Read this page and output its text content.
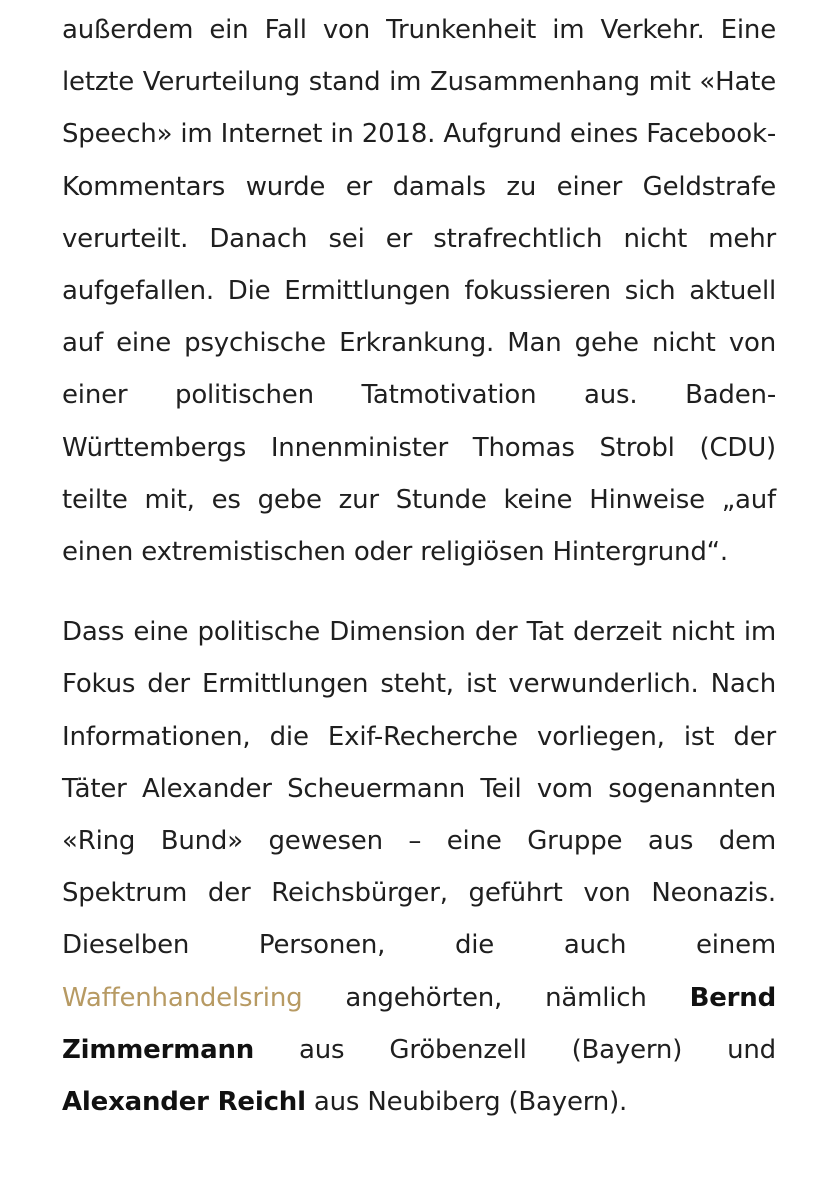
außerdem ein Fall von Trunkenheit im Verkehr. Eine letzte Verurteilung stand im Zusammenhang mit «Hate Speech» im Internet in 2018. Aufgrund eines Facebook-Kommentars wurde er damals zu einer Geldstrafe verurteilt. Danach sei er strafrechtlich nicht mehr aufgefallen. Die Ermittlungen fokussieren sich aktuell auf eine psychische Erkrankung. Man gehe nicht von einer politischen Tatmotivation aus. Baden-Württembergs Innenminister Thomas Strobl (CDU) teilte mit, es gebe zur Stunde keine Hinweise „auf einen extremistischen oder religiösen Hintergrund“.

Dass eine politische Dimension der Tat derzeit nicht im Fokus der Ermittlungen steht, ist verwunderlich. Nach Informationen, die Exif-Recherche vorliegen, ist der Täter Alexander Scheuermann Teil vom sogenannten «Ring Bund» gewesen – eine Gruppe aus dem Spektrum der Reichsbürger, geführt von Neonazis. Dieselben Personen, die auch einem Waffenhandelsring angehörten, nämlich Bernd Zimmermann aus Gröbenzell (Bayern) und Alexander Reichl aus Neubiberg (Bayern).
